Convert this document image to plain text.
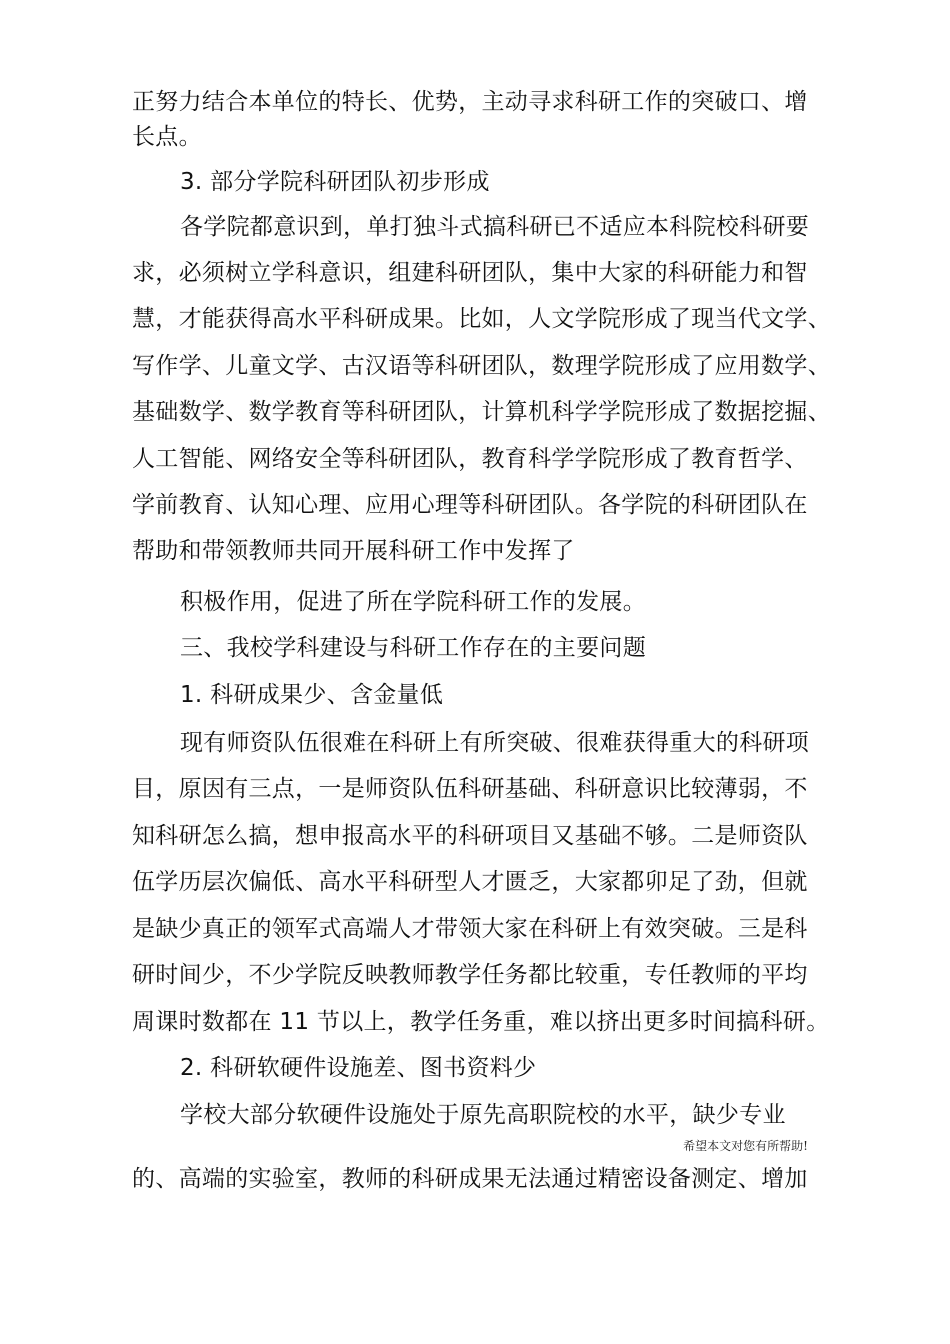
正努力结合本单位的特长、优势，主动寻求科研工作的突破口、增
长点。
3. 部分学院科研团队初步形成
各学院都意识到，单打独斗式搞科研已不适应本科院校科研要
求，必须树立学科意识，组建科研团队，集中大家的科研能力和智
慧，才能获得高水平科研成果。比如，人文学院形成了现当代文学、
写作学、儿童文学、古汉语等科研团队，数理学院形成了应用数学、
基础数学、数学教育等科研团队，计算机科学学院形成了数据挖掘、
人工智能、网络安全等科研团队，教育科学学院形成了教育哲学、
学前教育、认知心理、应用心理等科研团队。各学院的科研团队在
帮助和带领教师共同开展科研工作中发挥了
积极作用，促进了所在学院科研工作的发展。
三、我校学科建设与科研工作存在的主要问题
1. 科研成果少、含金量低
现有师资队伍很难在科研上有所突破、很难获得重大的科研项
目，原因有三点，一是师资队伍科研基础、科研意识比较薄弱，不
知科研怎么搞，想申报高水平的科研项目又基础不够。二是师资队
伍学历层次偏低、高水平科研型人才匮乏，大家都卯足了劲，但就
是缺少真正的领军式高端人才带领大家在科研上有效突破。三是科
研时间少，不少学院反映教师教学任务都比较重，专任教师的平均
周课时数都在 11 节以上，教学任务重，难以挤出更多时间搞科研。
2. 科研软硬件设施差、图书资料少
学校大部分软硬件设施处于原先高职院校的水平，缺少专业
希望本文对您有所帮助!
的、高端的实验室，教师的科研成果无法通过精密设备测定、增加
